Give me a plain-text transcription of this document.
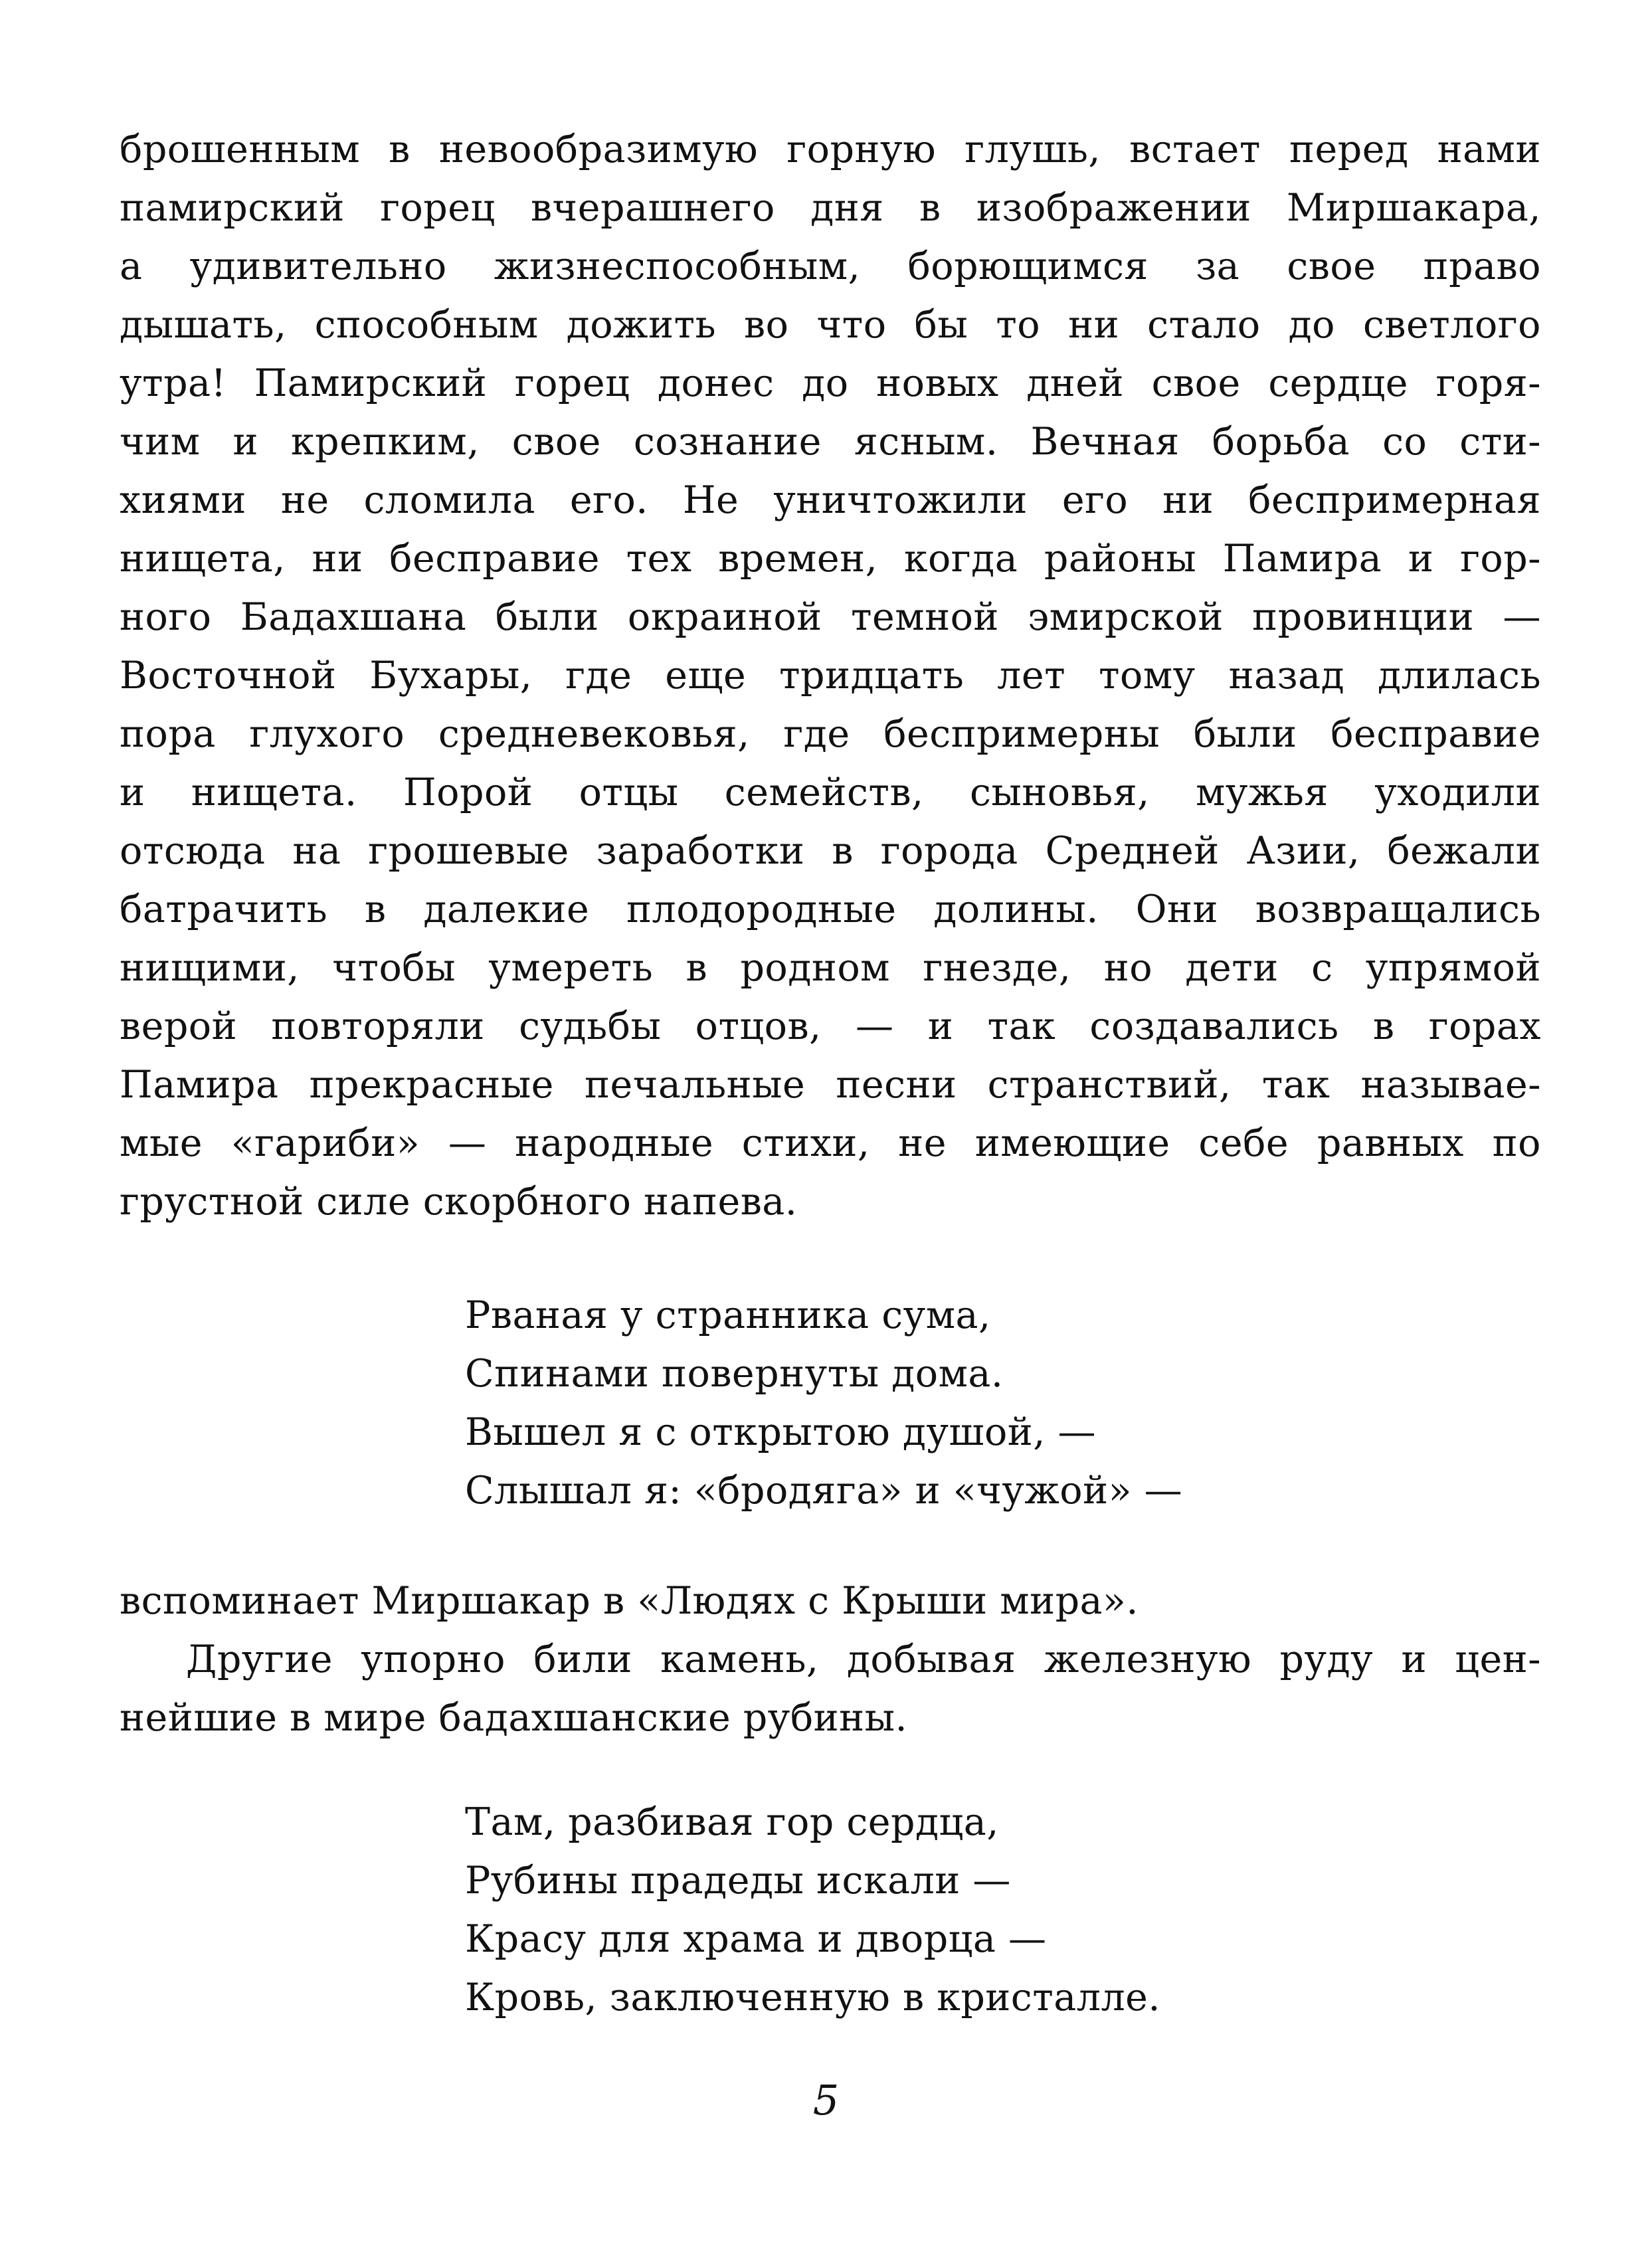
брошенным в невообразимую горную глушь, встает перед нами
памирский горец вчерашнего дня в изображении Миршакара,
а удивительно жизнеспособным, борющимся за свое право
дышать, способным дожить во что бы то ни стало до светлого
утра! Памирский горец донес до новых дней свое сердце горя-
чим и крепким, свое сознание ясным. Вечная борьба со сти-
хиями не сломила его. Не уничтожили его ни беспримерная
нищета, ни бесправие тех времен, когда районы Памира и гор-
ного Бадахшана были окраиной темной эмирской провинции —
Восточной Бухары, где еще тридцать лет тому назад длилась
пора глухого средневековья, где беспримерны были бесправие
и нищета. Порой отцы семейств, сыновья, мужья уходили
отсюда на грошевые заработки в города Средней Азии, бежали
батрачить в далекие плодородные долины. Они возвращались
нищими, чтобы умереть в родном гнезде, но дети с упрямой
верой повторяли судьбы отцов, — и так создавались в горах
Памира прекрасные печальные песни странствий, так называе-
мые «гариби» — народные стихи, не имеющие себе равных по
грустной силе скорбного напева.
Рваная у странника сума,
Спинами повернуты дома.
Вышел я с открытою душой, —
Слышал я: «бродяга» и «чужой» —
вспоминает Миршакар в «Людях с Крыши мира».
Другие упорно били камень, добывая железную руду и цен-
нейшие в мире бадахшанские рубины.
Там, разбивая гор сердца,
Рубины прадеды искали —
Красу для храма и дворца —
Кровь, заключенную в кристалле.
5
